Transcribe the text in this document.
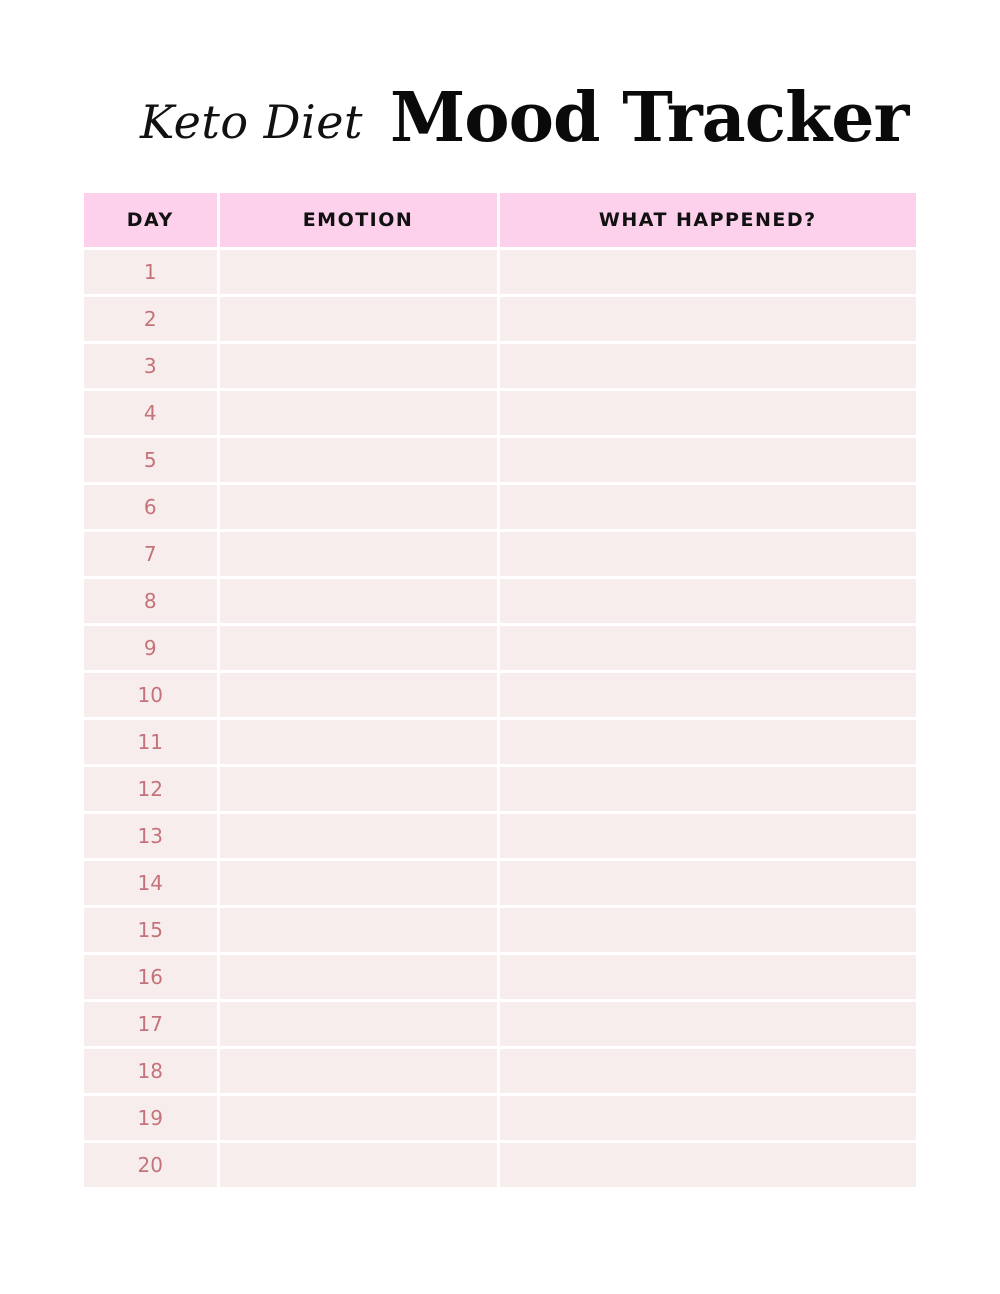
Keto Diet Mood Tracker
DAY	EMOTION	WHAT HAPPENED?
1		
2		
3		
4		
5		
6		
7		
8		
9		
10		
11		
12		
13		
14		
15		
16		
17		
18		
19		
20		
